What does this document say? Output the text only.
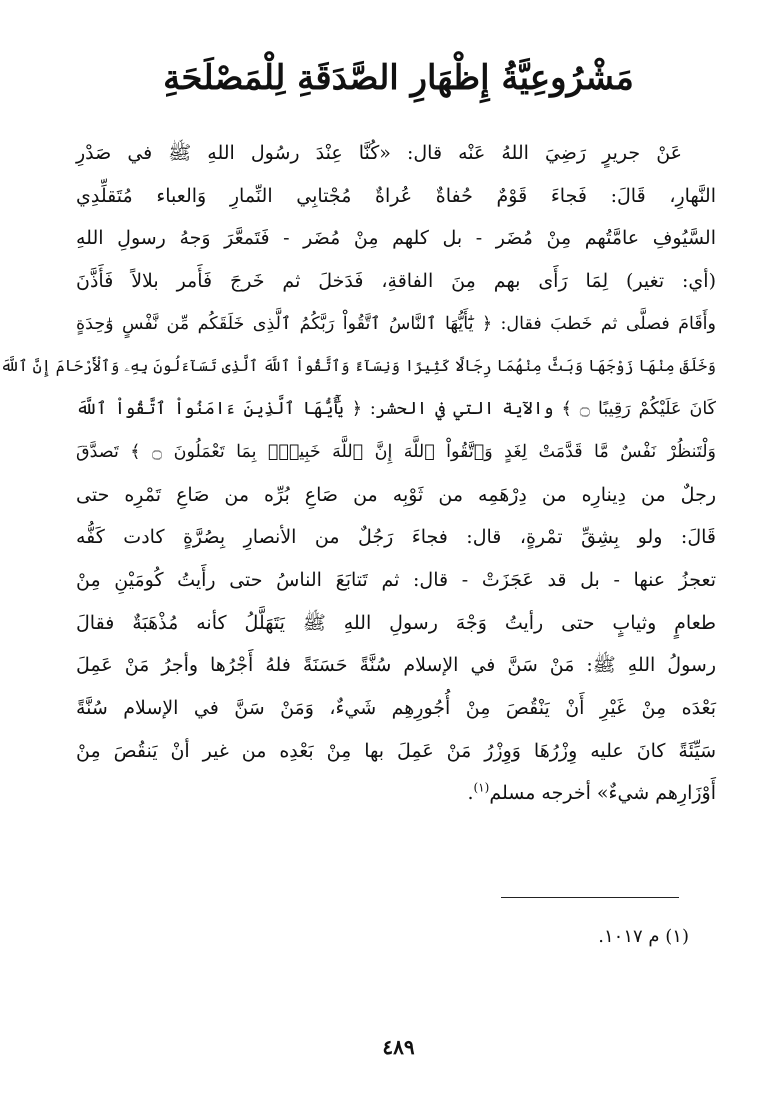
مَشْرُوعِيَّةُ إِظْهَارِ الصَّدَقَةِ لِلْمَصْلَحَةِ
عَنْ جريرٍ رَضِيَ اللهُ عَنْه قال: «كُنَّا عِنْدَ رسُول اللهِ ﷺ في صَدْرِ
النَّهارِ، قَالَ: فَجاءَ قَوْمٌ حُفاةٌ عُراةٌ مُجْتابِي النِّمارِ وَالعباء مُتَقلِّدِي
السَّيُوفِ عامَّتُهم مِنْ مُضَر - بل كلهم مِنْ مُضَر - فَتَمعَّرَ وَجهُ رسولِ اللهِ
(أي: تغير) لِمَا رَأَى بهم مِنَ الفاقةِ، فَدَخلَ ثم خَرجَ فَأَمر بلالاً فَأَذَّنَ
وأَقَامَ فصلَّى ثم خَطبَ فقال: ﴿ يَٰٓأَيُّهَا ٱلنَّاسُ ٱتَّقُواْ رَبَّكُمُ ٱلَّذِى خَلَقَكُم مِّن نَّفْسٍ وَٰحِدَةٍ
وَخَلَقَ مِنْهَا زَوْجَهَا وَبَثَّ مِنْهُمَا رِجَالًا كَثِيرًا وَنِسَآءً وَٱتَّقُواْ ٱللَّهَ ٱلَّذِى تَسَآءَلُونَ بِهِۦ وَٱلْأَرْحَامَ إِنَّ ٱللَّهَ
كَانَ عَلَيْكُمْ رَقِيبًا ۝ ﴾ والآية التي في الحشر: ﴿ يَٰٓأَيُّهَا ٱلَّذِينَ ءَامَنُواْ ٱتَّقُواْ ٱللَّهَ
وَلْتَنظُرْ نَفْسٌ مَّا قَدَّمَتْ لِغَدٍ وَٱتَّقُواْ ٱللَّهَ إِنَّ ٱللَّهَ خَبِيرٌۢ بِمَا تَعْمَلُونَ ۝ ﴾ تَصدَّقَ
رجلٌ من دِينارِه من دِرْهَمِه من ثَوْبِه من صَاعِ بُرِّه من صَاعِ تَمْرِه حتى
قَالَ: ولو بِشِقِّ تمْرةٍ، قال: فجاءَ رَجُلٌ من الأنصارِ بِصُرَّةٍ كادت كَفُّه
تعجزُ عنها - بل قد عَجَزَتْ - قال: ثم تَتابَعَ الناسُ حتى رأَيتُ كُومَيْنِ مِنْ
طعامٍ وثيابٍ حتى رأيتُ وَجْهَ رسولِ اللهِ ﷺ يَتَهَلَّلُ كأنه مُذْهَبَةٌ فقالَ
رسولُ اللهِ ﷺ: مَنْ سَنَّ في الإسلام سُنَّةً حَسَنَةً فلهُ أَجْرُها وأجرُ مَنْ عَمِلَ
بَعْدَه مِنْ غَيْرِ أَنْ يَنْقُصَ مِنْ أُجُورِهِم شَيءٌ، وَمَنْ سَنَّ في الإسلام سُنَّةً
سَيِّئَةً كانَ عليه وِزْرُهَا وَوِزْرُ مَنْ عَمِلَ بها مِنْ بَعْدِه من غير أنْ يَنقُصَ مِنْ
أَوْزَارِهم شيءٌ» أخرجه مسلم$^{(١)}$.

(١) م ١٠١٧.

٤٨٩
